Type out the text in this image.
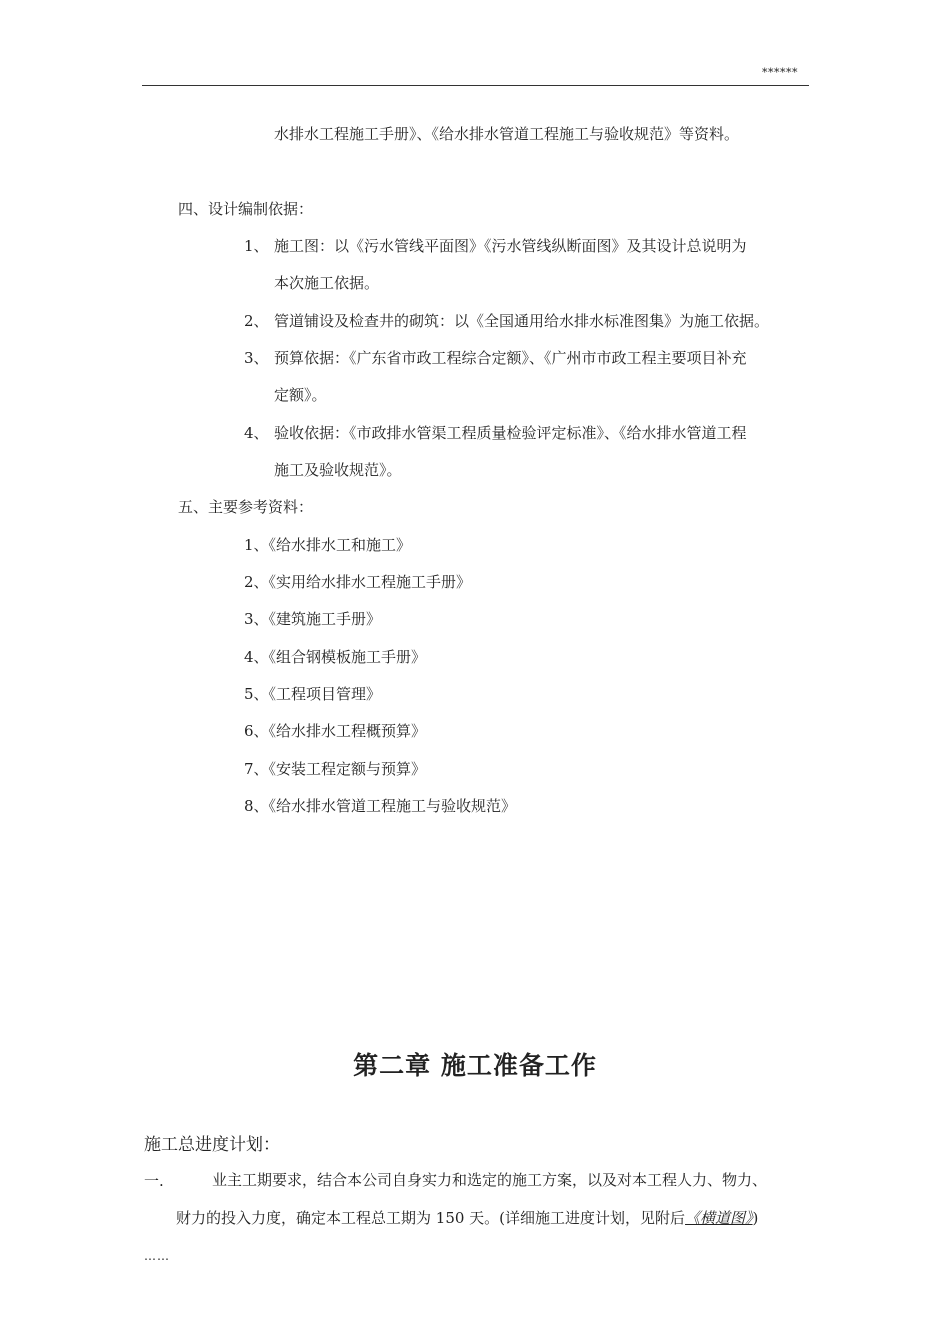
******
水排水工程施工手册》、《给水排水管道工程施工与验收规范》等资料。
四、设计编制依据：
1、 施工图：以《污水管线平面图》《污水管线纵断面图》及其设计总说明为
本次施工依据。
2、 管道铺设及检查井的砌筑：以《全国通用给水排水标准图集》为施工依据。
3、 预算依据：《广东省市政工程综合定额》、《广州市市政工程主要项目补充
定额》。
4、 验收依据：《市政排水管渠工程质量检验评定标准》、《给水排水管道工程
施工及验收规范》。
五、主要参考资料：
1、《给水排水工和施工》
2、《实用给水排水工程施工手册》
3、《建筑施工手册》
4、《组合钢模板施工手册》
5、《工程项目管理》
6、《给水排水工程概预算》
7、《安装工程定额与预算》
8、《给水排水管道工程施工与验收规范》
第二章 施工准备工作
施工总进度计划：
一.	业主工期要求，结合本公司自身实力和选定的施工方案，以及对本工程人力、物力、
财力的投入力度，确定本工程总工期为 150 天。(详细施工进度计划，见附后《横道图》)
……
